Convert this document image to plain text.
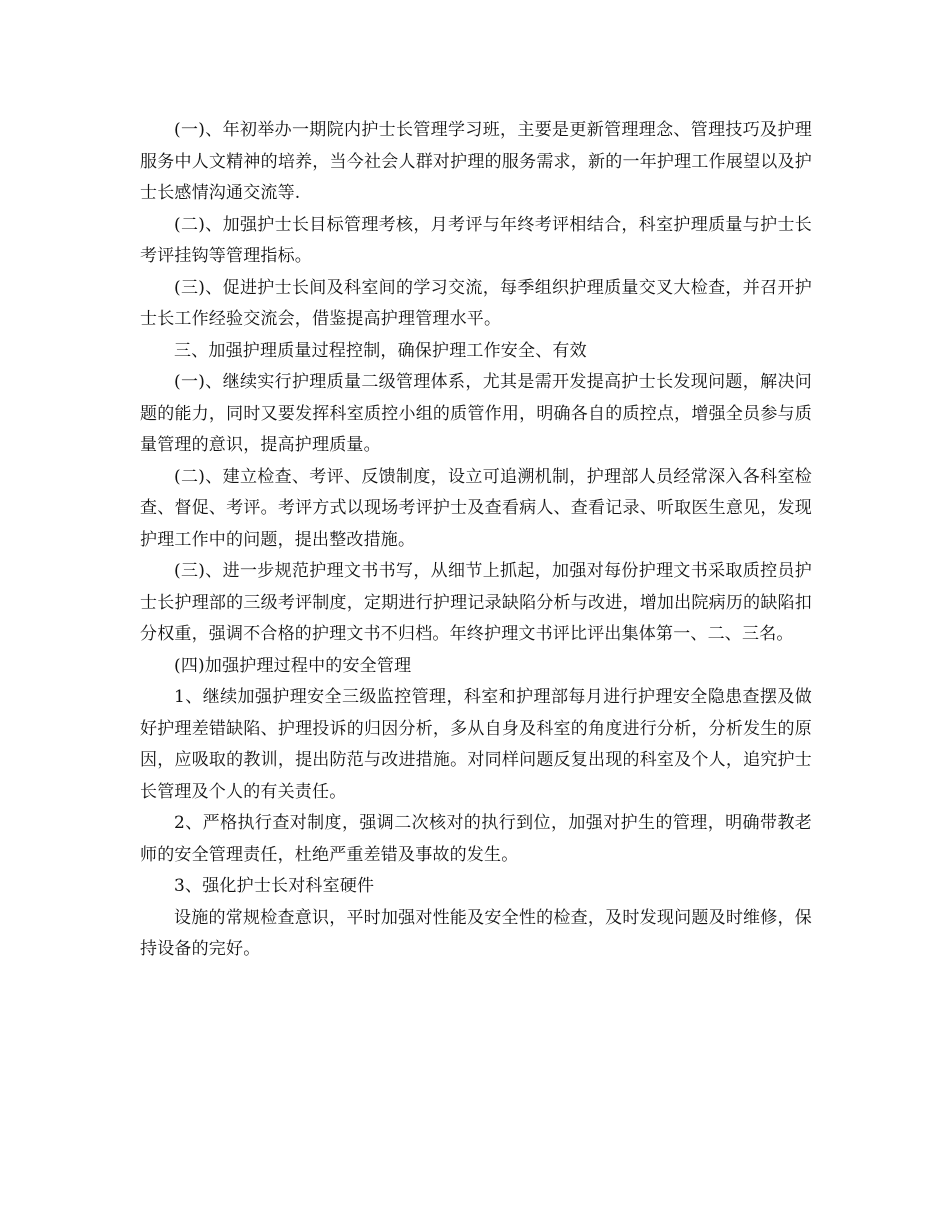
(一)、年初举办一期院内护士长管理学习班，主要是更新管理理念、管理技巧及护理服务中人文精神的培养，当今社会人群对护理的服务需求，新的一年护理工作展望以及护士长感情沟通交流等.

(二)、加强护士长目标管理考核，月考评与年终考评相结合，科室护理质量与护士长考评挂钩等管理指标。

(三)、促进护士长间及科室间的学习交流，每季组织护理质量交叉大检查，并召开护士长工作经验交流会，借鉴提高护理管理水平。

三、加强护理质量过程控制，确保护理工作安全、有效

(一)、继续实行护理质量二级管理体系，尤其是需开发提高护士长发现问题，解决问题的能力，同时又要发挥科室质控小组的质管作用，明确各自的质控点，增强全员参与质量管理的意识，提高护理质量。

(二)、建立检查、考评、反馈制度，设立可追溯机制，护理部人员经常深入各科室检查、督促、考评。考评方式以现场考评护士及查看病人、查看记录、听取医生意见，发现护理工作中的问题，提出整改措施。

(三)、进一步规范护理文书书写，从细节上抓起，加强对每份护理文书采取质控员护士长护理部的三级考评制度，定期进行护理记录缺陷分析与改进，增加出院病历的缺陷扣分权重，强调不合格的护理文书不归档。年终护理文书评比评出集体第一、二、三名。

(四)加强护理过程中的安全管理

1、继续加强护理安全三级监控管理，科室和护理部每月进行护理安全隐患查摆及做好护理差错缺陷、护理投诉的归因分析，多从自身及科室的角度进行分析，分析发生的原因，应吸取的教训，提出防范与改进措施。对同样问题反复出现的科室及个人，追究护士长管理及个人的有关责任。

2、严格执行查对制度，强调二次核对的执行到位，加强对护生的管理，明确带教老师的安全管理责任，杜绝严重差错及事故的发生。

3、强化护士长对科室硬件

设施的常规检查意识，平时加强对性能及安全性的检查，及时发现问题及时维修，保持设备的完好。
